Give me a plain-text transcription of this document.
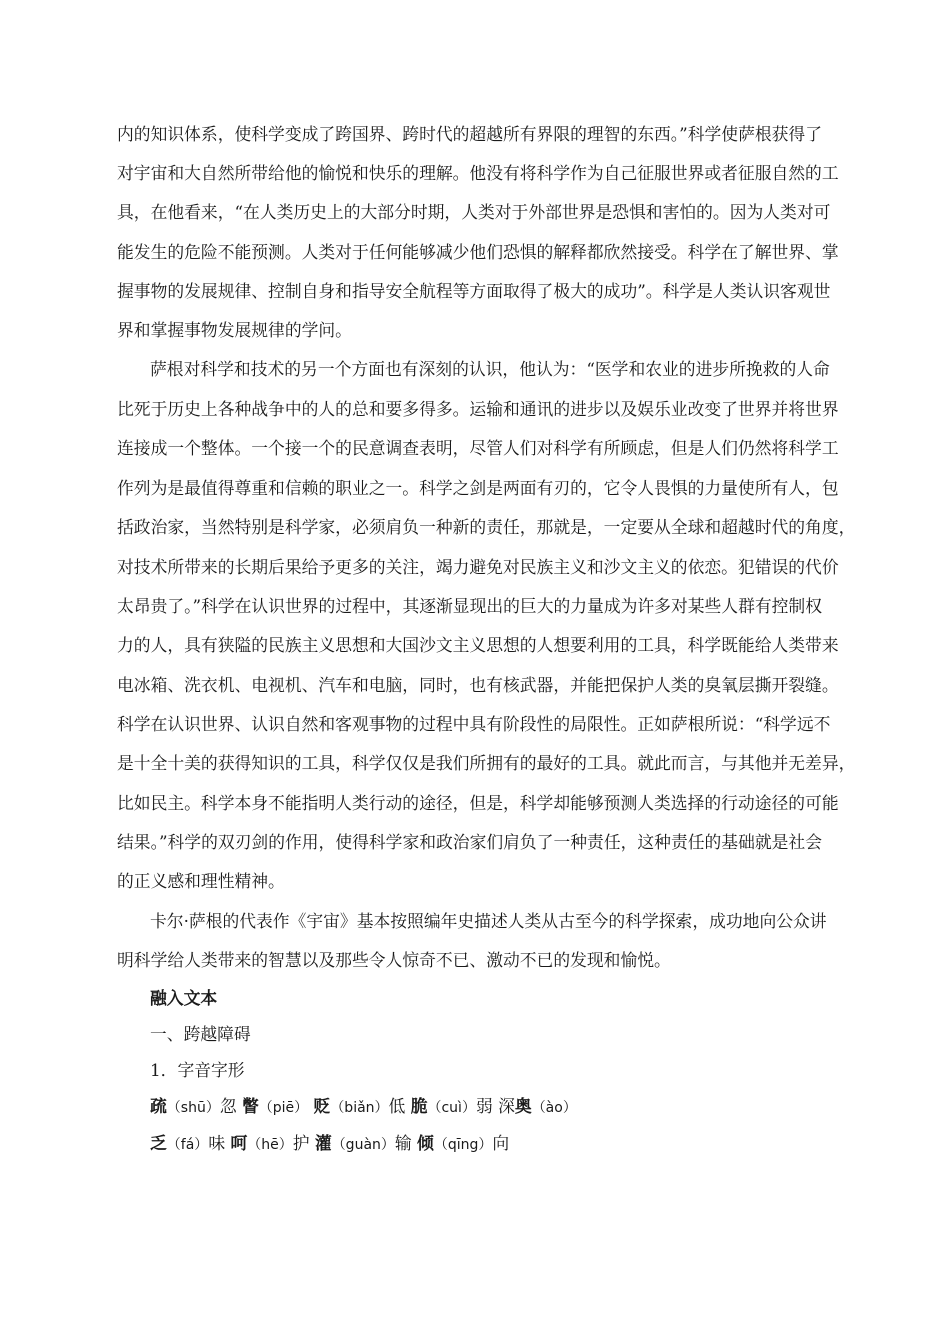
内的知识体系，使科学变成了跨国界、跨时代的超越所有界限的理智的东西。”科学使萨根获得了
对宇宙和大自然所带给他的愉悦和快乐的理解。他没有将科学作为自己征服世界或者征服自然的工
具，在他看来，“在人类历史上的大部分时期，人类对于外部世界是恐惧和害怕的。因为人类对可
能发生的危险不能预测。人类对于任何能够减少他们恐惧的解释都欣然接受。科学在了解世界、掌
握事物的发展规律、控制自身和指导安全航程等方面取得了极大的成功”。科学是人类认识客观世
界和掌握事物发展规律的学问。
萨根对科学和技术的另一个方面也有深刻的认识，他认为：“医学和农业的进步所挽救的人命
比死于历史上各种战争中的人的总和要多得多。运输和通讯的进步以及娱乐业改变了世界并将世界
连接成一个整体。一个接一个的民意调查表明，尽管人们对科学有所顾虑，但是人们仍然将科学工
作列为是最值得尊重和信赖的职业之一。科学之剑是两面有刃的，它令人畏惧的力量使所有人，包
括政治家，当然特别是科学家，必须肩负一种新的责任，那就是，一定要从全球和超越时代的角度，
对技术所带来的长期后果给予更多的关注，竭力避免对民族主义和沙文主义的依恋。犯错误的代价
太昂贵了。”科学在认识世界的过程中，其逐渐显现出的巨大的力量成为许多对某些人群有控制权
力的人，具有狭隘的民族主义思想和大国沙文主义思想的人想要利用的工具，科学既能给人类带来
电冰箱、洗衣机、电视机、汽车和电脑，同时，也有核武器，并能把保护人类的臭氧层撕开裂缝。
科学在认识世界、认识自然和客观事物的过程中具有阶段性的局限性。正如萨根所说：“科学远不
是十全十美的获得知识的工具，科学仅仅是我们所拥有的最好的工具。就此而言，与其他并无差异，
比如民主。科学本身不能指明人类行动的途径，但是，科学却能够预测人类选择的行动途径的可能
结果。”科学的双刃剑的作用，使得科学家和政治家们肩负了一种责任，这种责任的基础就是社会
的正义感和理性精神。
卡尔·萨根的代表作《宇宙》基本按照编年史描述人类从古至今的科学探索，成功地向公众讲
明科学给人类带来的智慧以及那些令人惊奇不已、激动不已的发现和愉悦。
融入文本
一、跨越障碍
1．字音字形
疏（shū）忽 瞥（piē） 贬（biǎn）低 脆（cuì）弱 深奥（ào）
乏（fá）味 呵（hē）护 灌（guàn）输 倾（qīng）向
